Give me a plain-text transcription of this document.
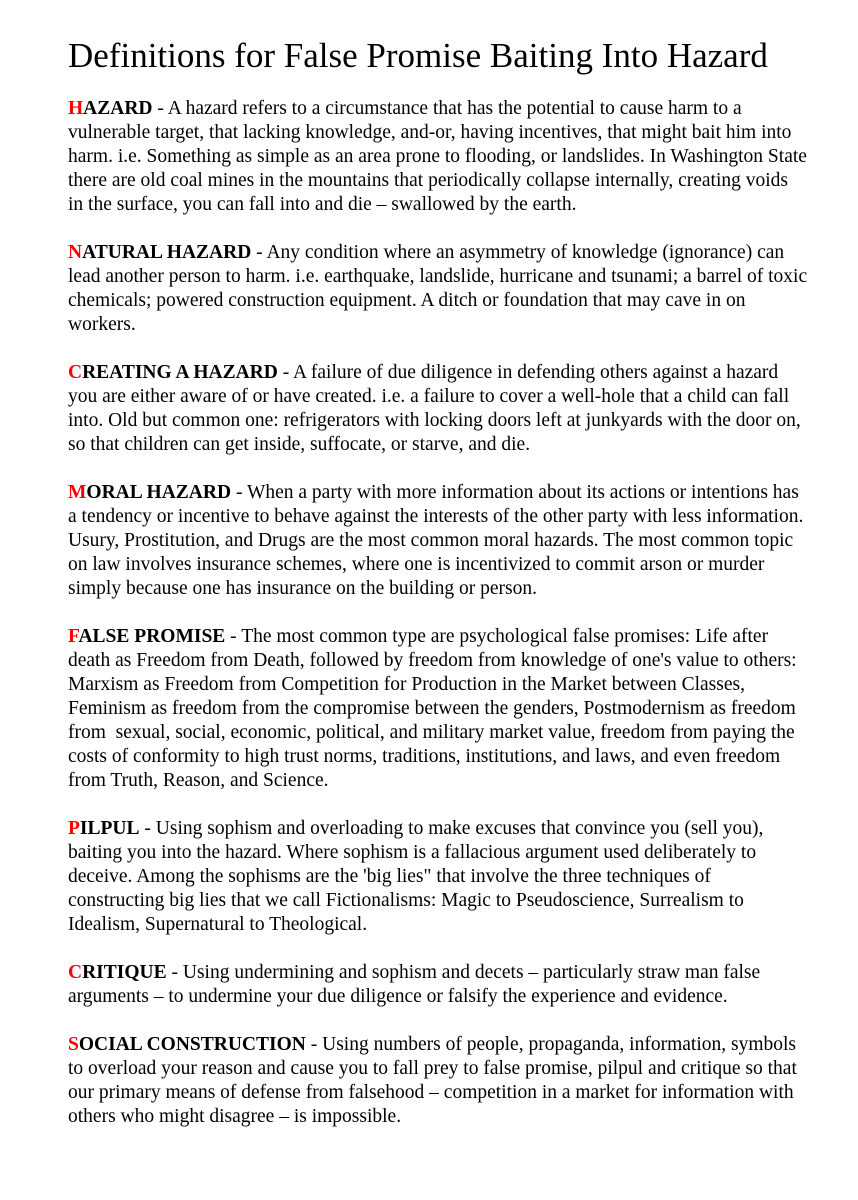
Definitions for False Promise Baiting Into Hazard

HAZARD - A hazard refers to a circumstance that has the potential to cause harm to a vulnerable target, that lacking knowledge, and-or, having incentives, that might bait him into harm. i.e. Something as simple as an area prone to flooding, or landslides. In Washington State there are old coal mines in the mountains that periodically collapse internally, creating voids in the surface, you can fall into and die – swallowed by the earth.

NATURAL HAZARD - Any condition where an asymmetry of knowledge (ignorance) can lead another person to harm. i.e. earthquake, landslide, hurricane and tsunami; a barrel of toxic chemicals; powered construction equipment. A ditch or foundation that may cave in on workers.

CREATING A HAZARD - A failure of due diligence in defending others against a hazard you are either aware of or have created. i.e. a failure to cover a well-hole that a child can fall into. Old but common one: refrigerators with locking doors left at junkyards with the door on, so that children can get inside, suffocate, or starve, and die.

MORAL HAZARD - When a party with more information about its actions or intentions has a tendency or incentive to behave against the interests of the other party with less information.  Usury, Prostitution, and Drugs are the most common moral hazards. The most common topic on law involves insurance schemes, where one is incentivized to commit arson or murder simply because one has insurance on the building or person.

FALSE PROMISE - The most common type are psychological false promises: Life after death as Freedom from Death, followed by freedom from knowledge of one's value to others: Marxism as Freedom from Competition for Production in the Market between Classes, Feminism as freedom from the compromise between the genders, Postmodernism as freedom from  sexual, social, economic, political, and military market value, freedom from paying the costs of conformity to high trust norms, traditions, institutions, and laws, and even freedom from Truth, Reason, and Science.

PILPUL - Using sophism and overloading to make excuses that convince you (sell you), baiting you into the hazard. Where sophism is a fallacious argument used deliberately to deceive. Among the sophisms are the 'big lies" that involve the three techniques of constructing big lies that we call Fictionalisms: Magic to Pseudoscience, Surrealism to Idealism, Supernatural to Theological.

CRITIQUE - Using undermining and sophism and decets – particularly straw man false arguments – to undermine your due diligence or falsify the experience and evidence.

SOCIAL CONSTRUCTION - Using numbers of people, propaganda, information, symbols to overload your reason and cause you to fall prey to false promise, pilpul and critique so that our primary means of defense from falsehood – competition in a market for information with others who might disagree – is impossible.
